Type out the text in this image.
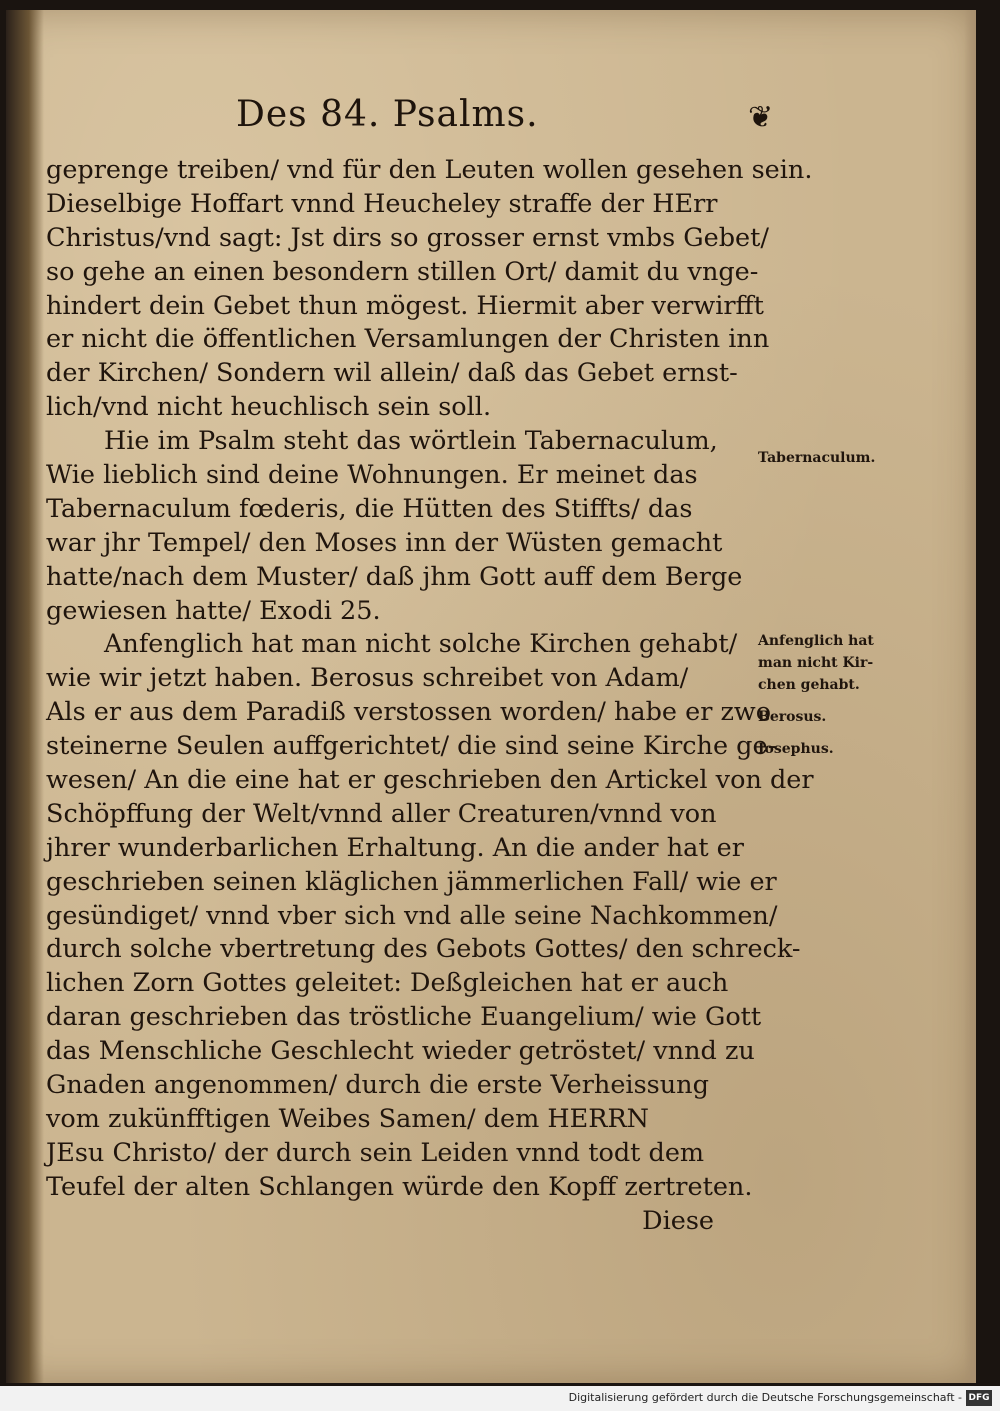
Des 84. Psalms.	❦
geprenge treiben/ vnd für den Leuten wollen gesehen sein.
Dieselbige Hoffart vnnd Heucheley straffe der HErr
Christus/vnd sagt: Jst dirs so grosser ernst vmbs Gebet/
so gehe an einen besondern stillen Ort/ damit du vnge-
hindert dein Gebet thun mögest. Hiermit aber verwirfft
er nicht die öffentlichen Versamlungen der Christen inn
der Kirchen/ Sondern wil allein/ daß das Gebet ernst-
lich/vnd nicht heuchlisch sein soll.
Hie im Psalm steht das wörtlein Tabernaculum,
Wie lieblich sind deine Wohnungen. Er meinet das
Tabernaculum fœderis, die Hütten des Stiffts/ das
war jhr Tempel/ den Moses inn der Wüsten gemacht
hatte/nach dem Muster/ daß jhm Gott auff dem Berge
gewiesen hatte/ Exodi 25.
Anfenglich hat man nicht solche Kirchen gehabt/
wie wir jetzt haben. Berosus schreibet von Adam/
Als er aus dem Paradiß verstossen worden/ habe er zwo
steinerne Seulen auffgerichtet/ die sind seine Kirche ge-
wesen/ An die eine hat er geschrieben den Artickel von der
Schöpffung der Welt/vnnd aller Creaturen/vnnd von
jhrer wunderbarlichen Erhaltung. An die ander hat er
geschrieben seinen kläglichen jämmerlichen Fall/ wie er
gesündiget/ vnnd vber sich vnd alle seine Nachkommen/
durch solche vbertretung des Gebots Gottes/ den schreck-
lichen Zorn Gottes geleitet: Deßgleichen hat er auch
daran geschrieben das tröstliche Euangelium/ wie Gott
das Menschliche Geschlecht wieder getröstet/ vnnd zu
Gnaden angenommen/ durch die erste Verheissung
vom zukünfftigen Weibes Samen/ dem HERRN
JEsu Christo/ der durch sein Leiden vnnd todt dem
Teufel der alten Schlangen würde den Kopff zertreten.
Diese
Tabernaculum.
Anfenglich hat
man nicht Kir-
chen gehabt.
Berosus.
Iosephus.
Digitalisierung gefördert durch die Deutsche Forschungsgemeinschaft - DFG
